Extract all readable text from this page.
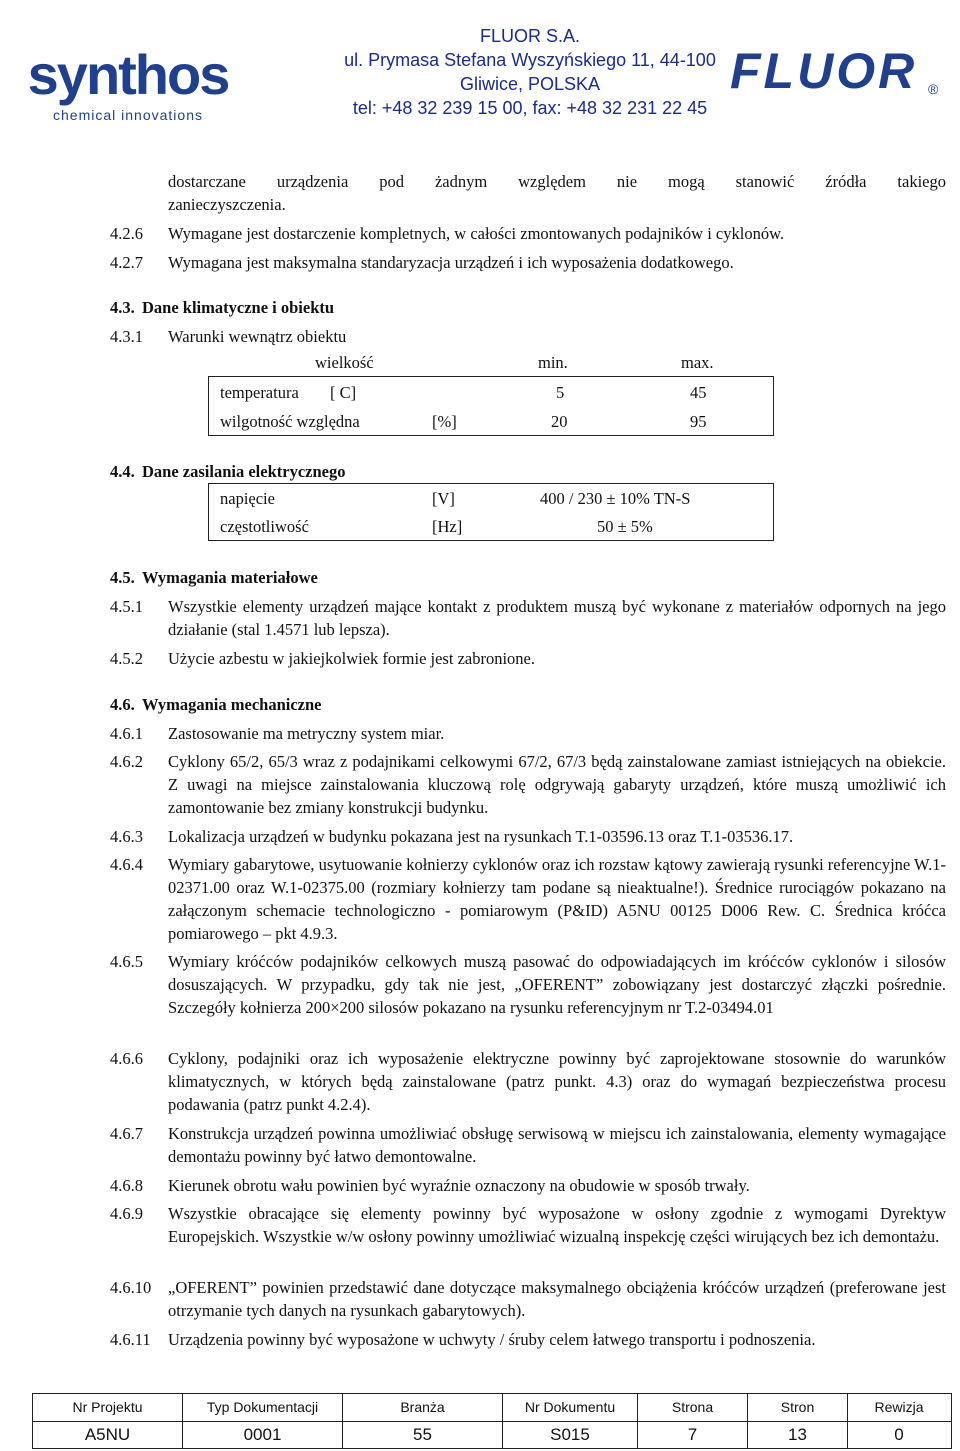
synthos
chemical innovations
FLUOR S.A.
ul. Prymasa Stefana Wyszyńskiego 11, 44-100
Gliwice, POLSKA
tel: +48 32 239 15 00, fax: +48 32 231 22 45
FLUOR ®
dostarczane urządzenia pod żadnym względem nie mogą stanowić źródła takiego
zanieczyszczenia.
4.2.6 Wymagane jest dostarczenie kompletnych, w całości zmontowanych podajników i cyklonów.
4.2.7 Wymagana jest maksymalna standaryzacja urządzeń i ich wyposażenia dodatkowego.
4.3. Dane klimatyczne i obiektu
4.3.1 Warunki wewnątrz obiektu
wielkość	min.	max.
temperatura [ C]	5	45
wilgotność względna	[%]	20	95
4.4. Dane zasilania elektrycznego
napięcie	[V]	400 / 230 ± 10% TN-S
częstotliwość	[Hz]	50 ± 5%
4.5. Wymagania materiałowe
4.5.1 Wszystkie elementy urządzeń mające kontakt z produktem muszą być wykonane z materiałów odpornych na jego działanie (stal 1.4571 lub lepsza).
4.5.2 Użycie azbestu w jakiejkolwiek formie jest zabronione.
4.6. Wymagania mechaniczne
4.6.1 Zastosowanie ma metryczny system miar.
4.6.2 Cyklony 65/2, 65/3 wraz z podajnikami celkowymi 67/2, 67/3 będą zainstalowane zamiast istniejących na obiekcie. Z uwagi na miejsce zainstalowania kluczową rolę odgrywają gabaryty urządzeń, które muszą umożliwić ich zamontowanie bez zmiany konstrukcji budynku.
4.6.3 Lokalizacja urządzeń w budynku pokazana jest na rysunkach T.1-03596.13 oraz T.1-03536.17.
4.6.4 Wymiary gabarytowe, usytuowanie kołnierzy cyklonów oraz ich rozstaw kątowy zawierają rysunki referencyjne W.1-02371.00 oraz W.1-02375.00 (rozmiary kołnierzy tam podane są nieaktualne!). Średnice rurociągów pokazano na załączonym schemacie technologiczno - pomiarowym (P&ID) A5NU 00125 D006 Rew. C. Średnica króćca pomiarowego – pkt 4.9.3.
4.6.5 Wymiary króćców podajników celkowych muszą pasować do odpowiadających im króćców cyklonów i silosów dosuszających. W przypadku, gdy tak nie jest, „OFERENT” zobowiązany jest dostarczyć złączki pośrednie. Szczegóły kołnierza 200×200 silosów pokazano na rysunku referencyjnym nr T.2-03494.01
4.6.6 Cyklony, podajniki oraz ich wyposażenie elektryczne powinny być zaprojektowane stosownie do warunków klimatycznych, w których będą zainstalowane (patrz punkt. 4.3) oraz do wymagań bezpieczeństwa procesu podawania (patrz punkt 4.2.4).
4.6.7 Konstrukcja urządzeń powinna umożliwiać obsługę serwisową w miejscu ich zainstalowania, elementy wymagające demontażu powinny być łatwo demontowalne.
4.6.8 Kierunek obrotu wału powinien być wyraźnie oznaczony na obudowie w sposób trwały.
4.6.9 Wszystkie obracające się elementy powinny być wyposażone w osłony zgodnie z wymogami Dyrektyw Europejskich. Wszystkie w/w osłony powinny umożliwiać wizualną inspekcję części wirujących bez ich demontażu.
4.6.10 „OFERENT” powinien przedstawić dane dotyczące maksymalnego obciążenia króćców urządzeń (preferowane jest otrzymanie tych danych na rysunkach gabarytowych).
4.6.11 Urządzenia powinny być wyposażone w uchwyty / śruby celem łatwego transportu i podnoszenia.
Nr Projektu	Typ Dokumentacji	Branża	Nr Dokumentu	Strona	Stron	Rewizja
A5NU	0001	55	S015	7	13	0
